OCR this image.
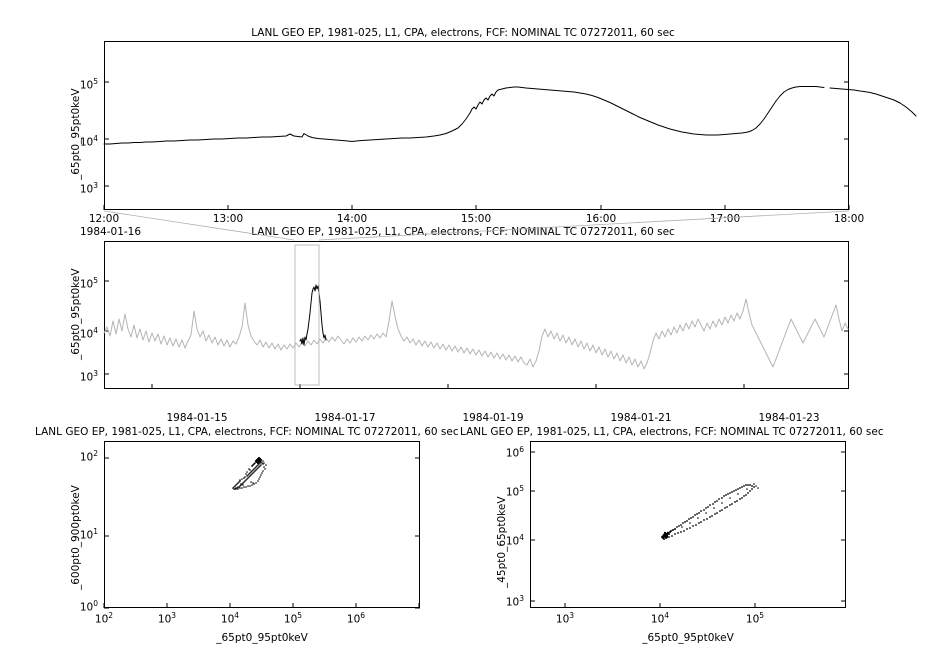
LANL GEO EP, 1981-025, L1, CPA, electrons, FCF: NOMINAL TC 07272011, 60 sec
_65pt0_95pt0keV
$10^3$
$10^4$
$10^5$
12:00	13:00	14:00	15:00	16:00	17:00	18:00
1984-01-16	LANL GEO EP, 1981-025, L1, CPA, electrons, FCF: NOMINAL TC 07272011, 60 sec
_65pt0_95pt0keV
$10^3$
$10^4$
$10^5$
1984-01-15	1984-01-17	1984-01-19	1984-01-21	1984-01-23
LANL GEO EP, 1981-025, L1, CPA, electrons, FCF: NOMINAL TC 07272011, 60 sec
_600pt0_900pt0keV
_65pt0_95pt0keV
$10^0$
$10^1$
$10^2$
$10^2$	$10^3$	$10^4$	$10^5$	$10^6$
LANL GEO EP, 1981-025, L1, CPA, electrons, FCF: NOMINAL TC 07272011, 60 sec
_45pt0_65pt0keV
_65pt0_95pt0keV
$10^3$
$10^4$
$10^5$
$10^6$
$10^3$	$10^4$	$10^5$
